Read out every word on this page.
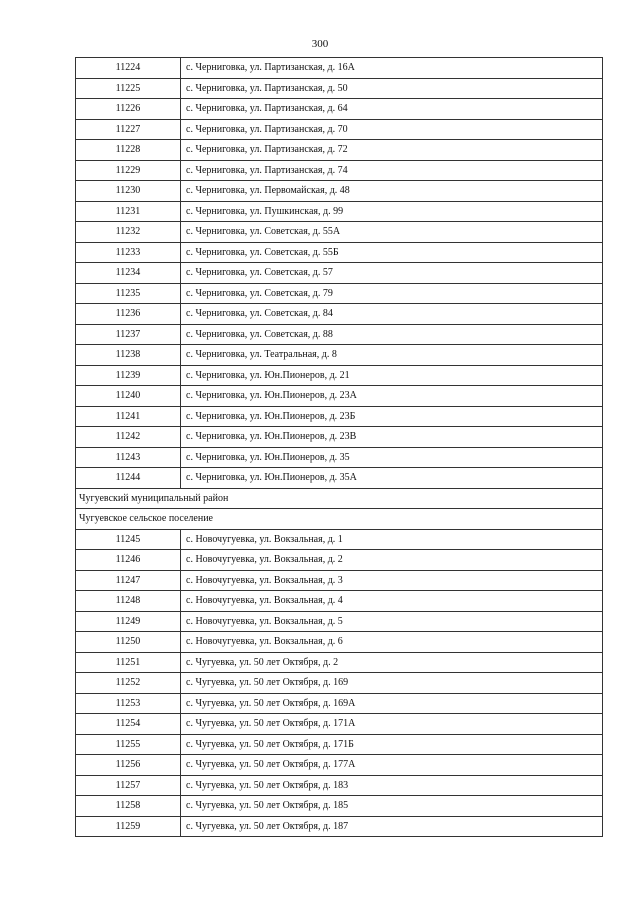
300
11224	с. Черниговка, ул. Партизанская, д. 16А
11225	с. Черниговка, ул. Партизанская, д. 50
11226	с. Черниговка, ул. Партизанская, д. 64
11227	с. Черниговка, ул. Партизанская, д. 70
11228	с. Черниговка, ул. Партизанская, д. 72
11229	с. Черниговка, ул. Партизанская, д. 74
11230	с. Черниговка, ул. Первомайская, д. 48
11231	с. Черниговка, ул. Пушкинская, д. 99
11232	с. Черниговка, ул. Советская, д. 55А
11233	с. Черниговка, ул. Советская, д. 55Б
11234	с. Черниговка, ул. Советская, д. 57
11235	с. Черниговка, ул. Советская, д. 79
11236	с. Черниговка, ул. Советская, д. 84
11237	с. Черниговка, ул. Советская, д. 88
11238	с. Черниговка, ул. Театральная, д. 8
11239	с. Черниговка, ул. Юн.Пионеров, д. 21
11240	с. Черниговка, ул. Юн.Пионеров, д. 23А
11241	с. Черниговка, ул. Юн.Пионеров, д. 23Б
11242	с. Черниговка, ул. Юн.Пионеров, д. 23В
11243	с. Черниговка, ул. Юн.Пионеров, д. 35
11244	с. Черниговка, ул. Юн.Пионеров, д. 35А
Чугуевский муниципальный район	
Чугуевское сельское поселение	
11245	с. Новочугуевка, ул. Вокзальная, д. 1
11246	с. Новочугуевка, ул. Вокзальная, д. 2
11247	с. Новочугуевка, ул. Вокзальная, д. 3
11248	с. Новочугуевка, ул. Вокзальная, д. 4
11249	с. Новочугуевка, ул. Вокзальная, д. 5
11250	с. Новочугуевка, ул. Вокзальная, д. 6
11251	с. Чугуевка, ул. 50 лет Октября, д. 2
11252	с. Чугуевка, ул. 50 лет Октября, д. 169
11253	с. Чугуевка, ул. 50 лет Октября, д. 169А
11254	с. Чугуевка, ул. 50 лет Октября, д. 171А
11255	с. Чугуевка, ул. 50 лет Октября, д. 171Б
11256	с. Чугуевка, ул. 50 лет Октября, д. 177А
11257	с. Чугуевка, ул. 50 лет Октября, д. 183
11258	с. Чугуевка, ул. 50 лет Октября, д. 185
11259	с. Чугуевка, ул. 50 лет Октября, д. 187
